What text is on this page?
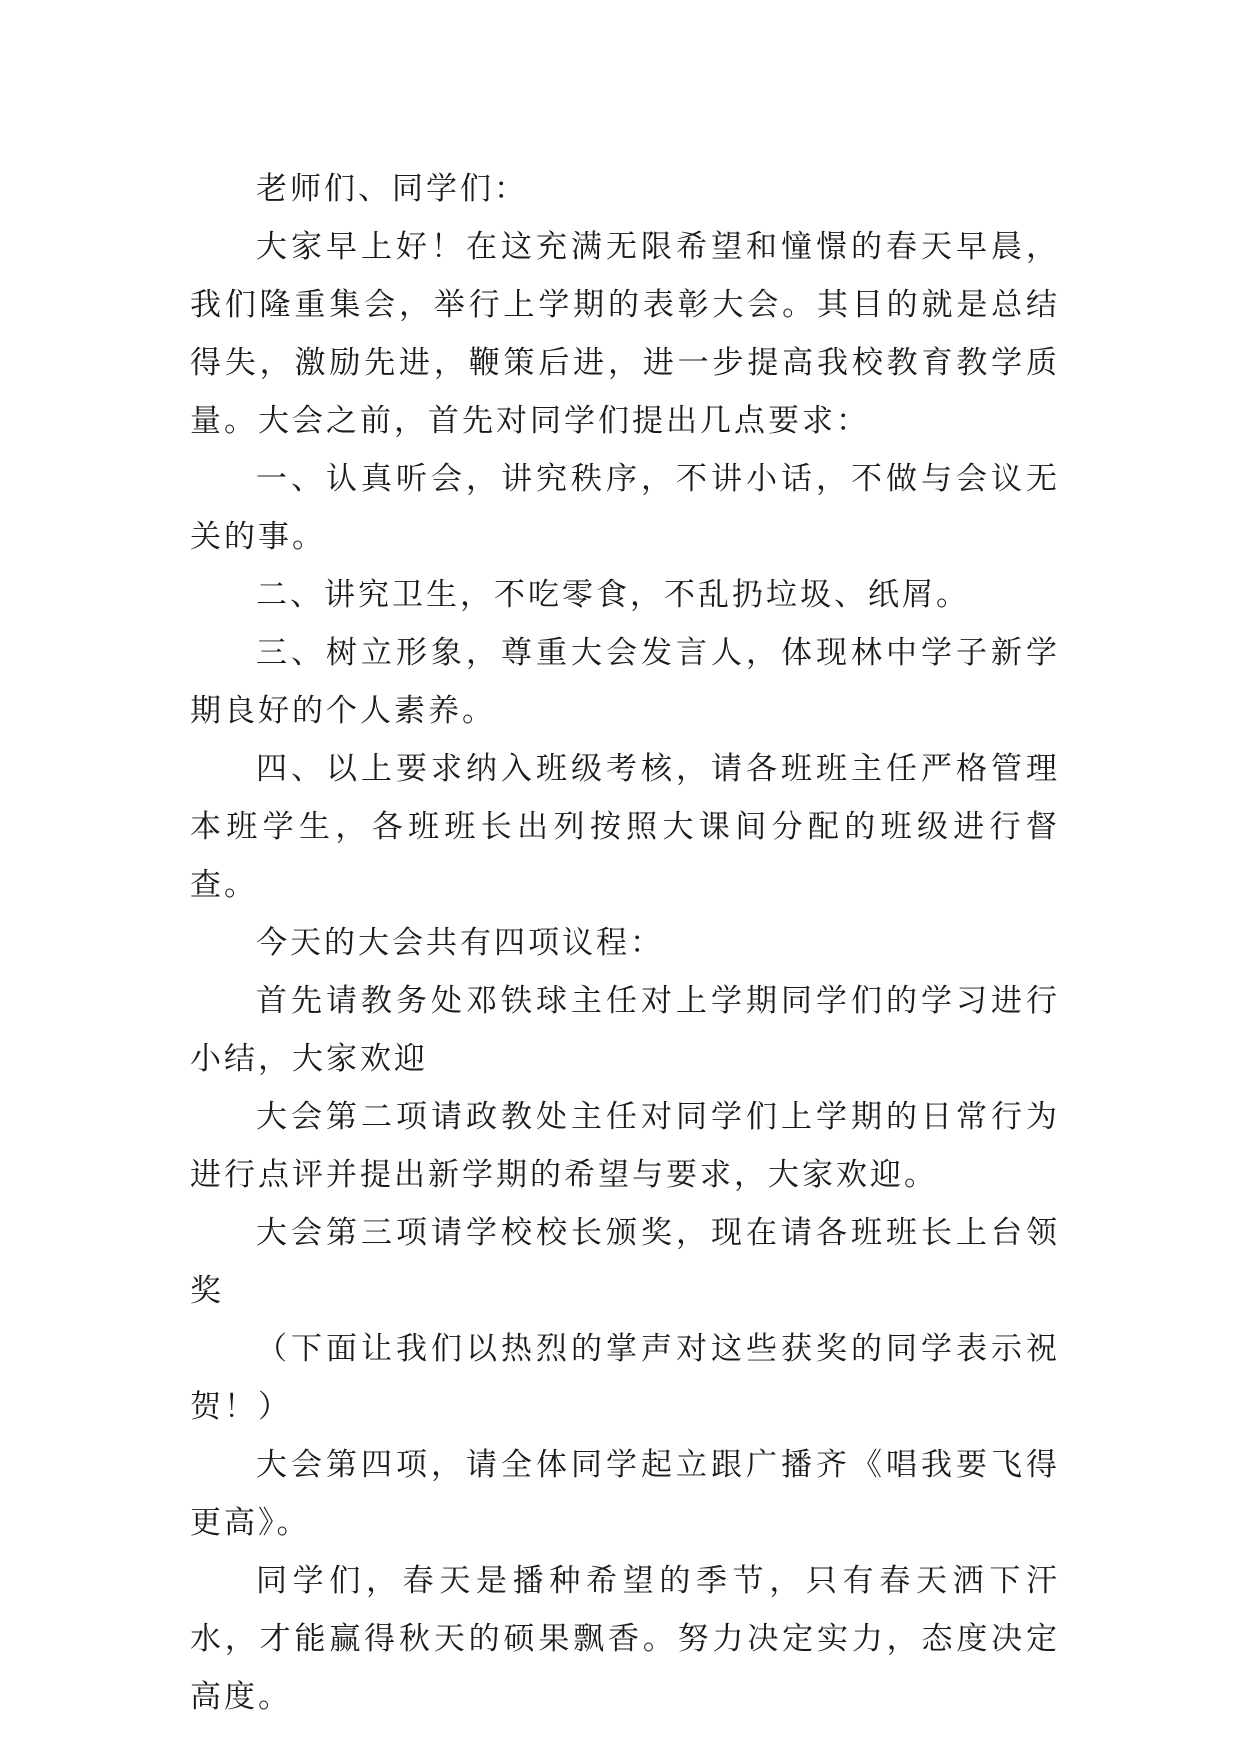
老师们、同学们：

大家早上好！在这充满无限希望和憧憬的春天早晨，我们隆重集会，举行上学期的表彰大会。其目的就是总结得失，激励先进，鞭策后进，进一步提高我校教育教学质量。大会之前，首先对同学们提出几点要求：

一、认真听会，讲究秩序，不讲小话，不做与会议无关的事。

二、讲究卫生，不吃零食，不乱扔垃圾、纸屑。

三、树立形象，尊重大会发言人，体现林中学子新学期良好的个人素养。

四、以上要求纳入班级考核，请各班班主任严格管理本班学生，各班班长出列按照大课间分配的班级进行督查。

今天的大会共有四项议程：

首先请教务处邓铁球主任对上学期同学们的学习进行小结，大家欢迎

大会第二项请政教处主任对同学们上学期的日常行为进行点评并提出新学期的希望与要求，大家欢迎。

大会第三项请学校校长颁奖，现在请各班班长上台领奖

（下面让我们以热烈的掌声对这些获奖的同学表示祝贺！）

大会第四项，请全体同学起立跟广播齐《唱我要飞得更高》。

同学们，春天是播种希望的季节，只有春天洒下汗水，才能赢得秋天的硕果飘香。努力决定实力，态度决定高度。
